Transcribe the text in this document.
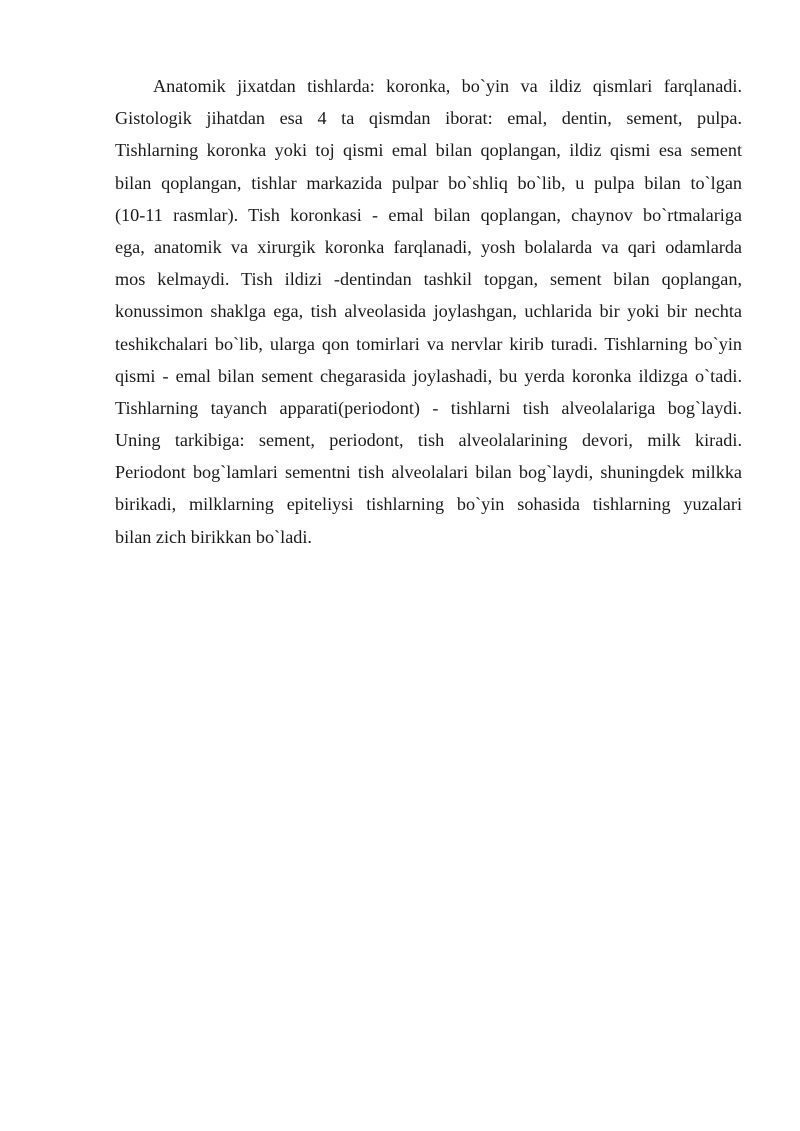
Anatomik jixatdan tishlarda: koronka, bo`yin va ildiz qismlari farqlanadi.
Gistologik jihatdan esa 4 ta qismdan iborat: emal, dentin, sement, pulpa.
Tishlarning koronka yoki toj qismi emal bilan qoplangan, ildiz qismi esa sement
bilan qoplangan, tishlar markazida pulpar bo`shliq bo`lib, u pulpa bilan to`lgan
(10-11 rasmlar). Tish koronkasi - emal bilan qoplangan, chaynov bo`rtmalariga
ega, anatomik va xirurgik koronka farqlanadi, yosh bolalarda va qari odamlarda
mos kelmaydi. Tish ildizi -dentindan tashkil topgan, sement bilan qoplangan,
konussimon shaklga ega, tish alveolasida joylashgan, uchlarida bir yoki bir nechta
teshikchalari bo`lib, ularga qon tomirlari va nervlar kirib turadi. Tishlarning bo`yin
qismi - emal bilan sement chegarasida joylashadi, bu yerda koronka ildizga o`tadi.
Tishlarning tayanch apparati(periodont) - tishlarni tish alveolalariga bog`laydi.
Uning tarkibiga: sement, periodont, tish alveolalarining devori, milk kiradi.
Periodont bog`lamlari sementni tish alveolalari bilan bog`laydi, shuningdek milkka
birikadi, milklarning epiteliysi tishlarning bo`yin sohasida tishlarning yuzalari
bilan zich birikkan bo`ladi.
